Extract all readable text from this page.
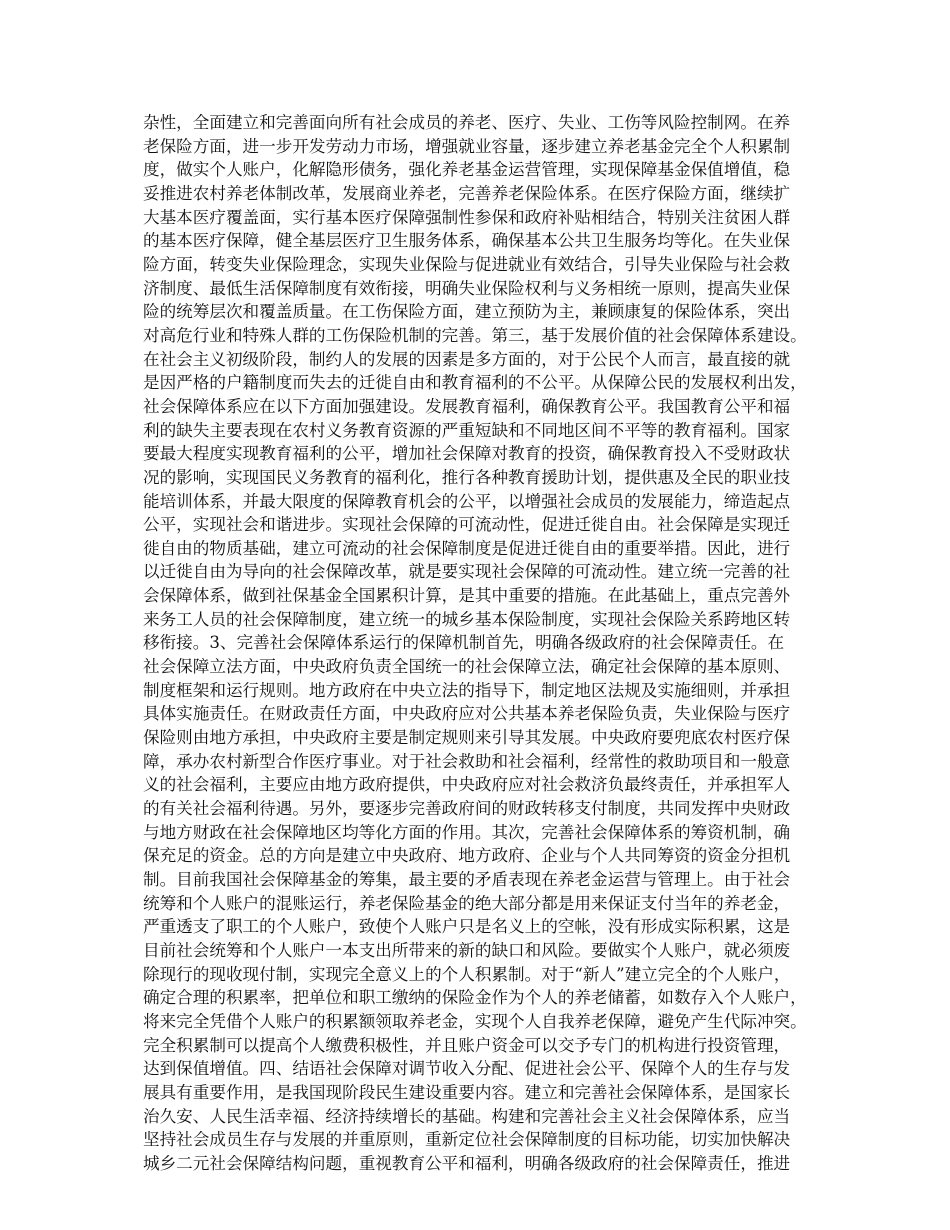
杂性，全面建立和完善面向所有社会成员的养老、医疗、失业、工伤等风险控制网。在养
老保险方面，进一步开发劳动力市场，增强就业容量，逐步建立养老基金完全个人积累制
度，做实个人账户，化解隐形债务，强化养老基金运营管理，实现保障基金保值增值，稳
妥推进农村养老体制改革，发展商业养老，完善养老保险体系。在医疗保险方面，继续扩
大基本医疗覆盖面，实行基本医疗保障强制性参保和政府补贴相结合，特别关注贫困人群
的基本医疗保障，健全基层医疗卫生服务体系，确保基本公共卫生服务均等化。在失业保
险方面，转变失业保险理念，实现失业保险与促进就业有效结合，引导失业保险与社会救
济制度、最低生活保障制度有效衔接，明确失业保险权利与义务相统一原则，提高失业保
险的统筹层次和覆盖质量。在工伤保险方面，建立预防为主，兼顾康复的保险体系，突出
对高危行业和特殊人群的工伤保险机制的完善。第三，基于发展价值的社会保障体系建设。
在社会主义初级阶段，制约人的发展的因素是多方面的，对于公民个人而言，最直接的就
是因严格的户籍制度而失去的迁徙自由和教育福利的不公平。从保障公民的发展权利出发，
社会保障体系应在以下方面加强建设。发展教育福利，确保教育公平。我国教育公平和福
利的缺失主要表现在农村义务教育资源的严重短缺和不同地区间不平等的教育福利。国家
要最大程度实现教育福利的公平，增加社会保障对教育的投资，确保教育投入不受财政状
况的影响，实现国民义务教育的福利化，推行各种教育援助计划，提供惠及全民的职业技
能培训体系，并最大限度的保障教育机会的公平，以增强社会成员的发展能力，缔造起点
公平，实现社会和谐进步。实现社会保障的可流动性，促进迁徙自由。社会保障是实现迁
徙自由的物质基础，建立可流动的社会保障制度是促进迁徙自由的重要举措。因此，进行
以迁徙自由为导向的社会保障改革，就是要实现社会保障的可流动性。建立统一完善的社
会保障体系，做到社保基金全国累积计算，是其中重要的措施。在此基础上，重点完善外
来务工人员的社会保障制度，建立统一的城乡基本保险制度，实现社会保险关系跨地区转
移衔接。3、完善社会保障体系运行的保障机制首先，明确各级政府的社会保障责任。在
社会保障立法方面，中央政府负责全国统一的社会保障立法，确定社会保障的基本原则、
制度框架和运行规则。地方政府在中央立法的指导下，制定地区法规及实施细则，并承担
具体实施责任。在财政责任方面，中央政府应对公共基本养老保险负责，失业保险与医疗
保险则由地方承担，中央政府主要是制定规则来引导其发展。中央政府要兜底农村医疗保
障，承办农村新型合作医疗事业。对于社会救助和社会福利，经常性的救助项目和一般意
义的社会福利，主要应由地方政府提供，中央政府应对社会救济负最终责任，并承担军人
的有关社会福利待遇。另外，要逐步完善政府间的财政转移支付制度，共同发挥中央财政
与地方财政在社会保障地区均等化方面的作用。其次，完善社会保障体系的筹资机制，确
保充足的资金。总的方向是建立中央政府、地方政府、企业与个人共同筹资的资金分担机
制。目前我国社会保障基金的筹集，最主要的矛盾表现在养老金运营与管理上。由于社会
统筹和个人账户的混账运行，养老保险基金的绝大部分都是用来保证支付当年的养老金，
严重透支了职工的个人账户，致使个人账户只是名义上的空帐，没有形成实际积累，这是
目前社会统筹和个人账户一本支出所带来的新的缺口和风险。要做实个人账户，就必须废
除现行的现收现付制，实现完全意义上的个人积累制。对于“新人”建立完全的个人账户，
确定合理的积累率，把单位和职工缴纳的保险金作为个人的养老储蓄，如数存入个人账户，
将来完全凭借个人账户的积累额领取养老金，实现个人自我养老保障，避免产生代际冲突。
完全积累制可以提高个人缴费积极性，并且账户资金可以交予专门的机构进行投资管理，
达到保值增值。四、结语社会保障对调节收入分配、促进社会公平、保障个人的生存与发
展具有重要作用，是我国现阶段民生建设重要内容。建立和完善社会保障体系，是国家长
治久安、人民生活幸福、经济持续增长的基础。构建和完善社会主义社会保障体系，应当
坚持社会成员生存与发展的并重原则，重新定位社会保障制度的目标功能，切实加快解决
城乡二元社会保障结构问题，重视教育公平和福利，明确各级政府的社会保障责任，推进
